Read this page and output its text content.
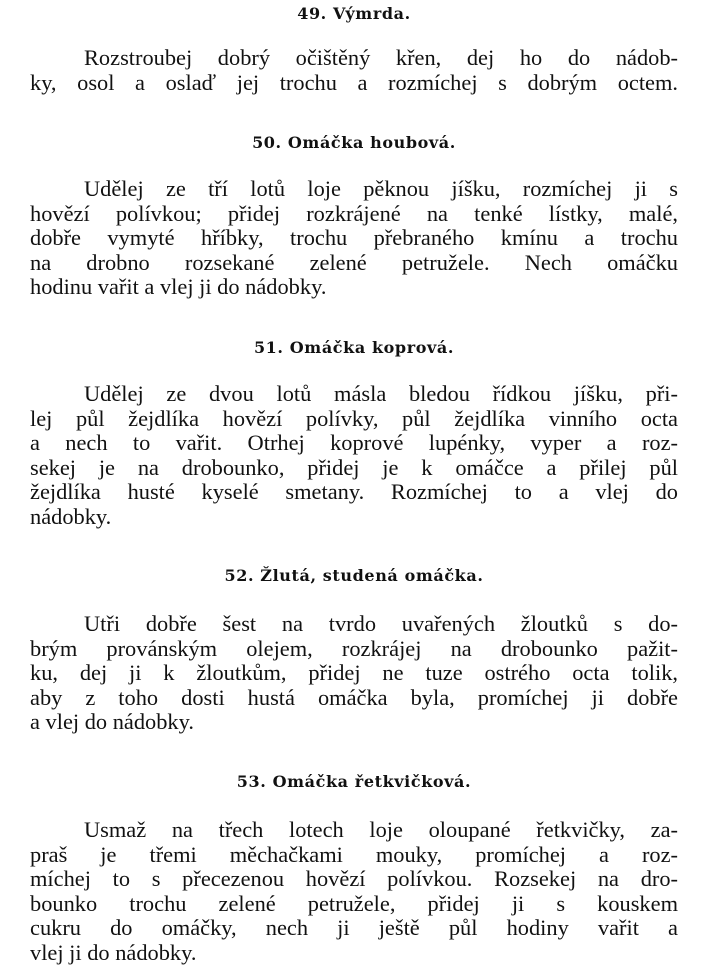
49. Výmrda.
Rozstroubej dobrý očištěný křen, dej ho do nádob-
ky, osol a oslaď jej trochu a rozmíchej s dobrým octem.
50. Omáčka houbová.
Udělej ze tří lotů loje pěknou jíšku, rozmíchej ji s
hovězí polívkou; přidej rozkrájené na tenké lístky, malé,
dobře vymyté hříbky, trochu přebraného kmínu a trochu
na drobno rozsekané zelené petružele. Nech omáčku
hodinu vařit a vlej ji do nádobky.
51. Omáčka koprová.
Udělej ze dvou lotů másla bledou řídkou jíšku, při-
lej půl žejdlíka hovězí polívky, půl žejdlíka vinního octa
a nech to vařit. Otrhej koprové lupénky, vyper a roz-
sekej je na drobounko, přidej je k omáčce a přilej půl
žejdlíka husté kyselé smetany. Rozmíchej to a vlej do
nádobky.
52. Žlutá, studená omáčka.
Utři dobře šest na tvrdo uvařených žloutků s do-
brým provánským olejem, rozkrájej na drobounko pažit-
ku, dej ji k žloutkům, přidej ne tuze ostrého octa tolik,
aby z toho dosti hustá omáčka byla, promíchej ji dobře
a vlej do nádobky.
53. Omáčka řetkvičková.
Usmaž na třech lotech loje oloupané řetkvičky, za-
praš je třemi měchačkami mouky, promíchej a roz-
míchej to s přecezenou hovězí polívkou. Rozsekej na dro-
bounko trochu zelené petružele, přidej ji s kouskem
cukru do omáčky, nech ji ještě půl hodiny vařit a
vlej ji do nádobky.
